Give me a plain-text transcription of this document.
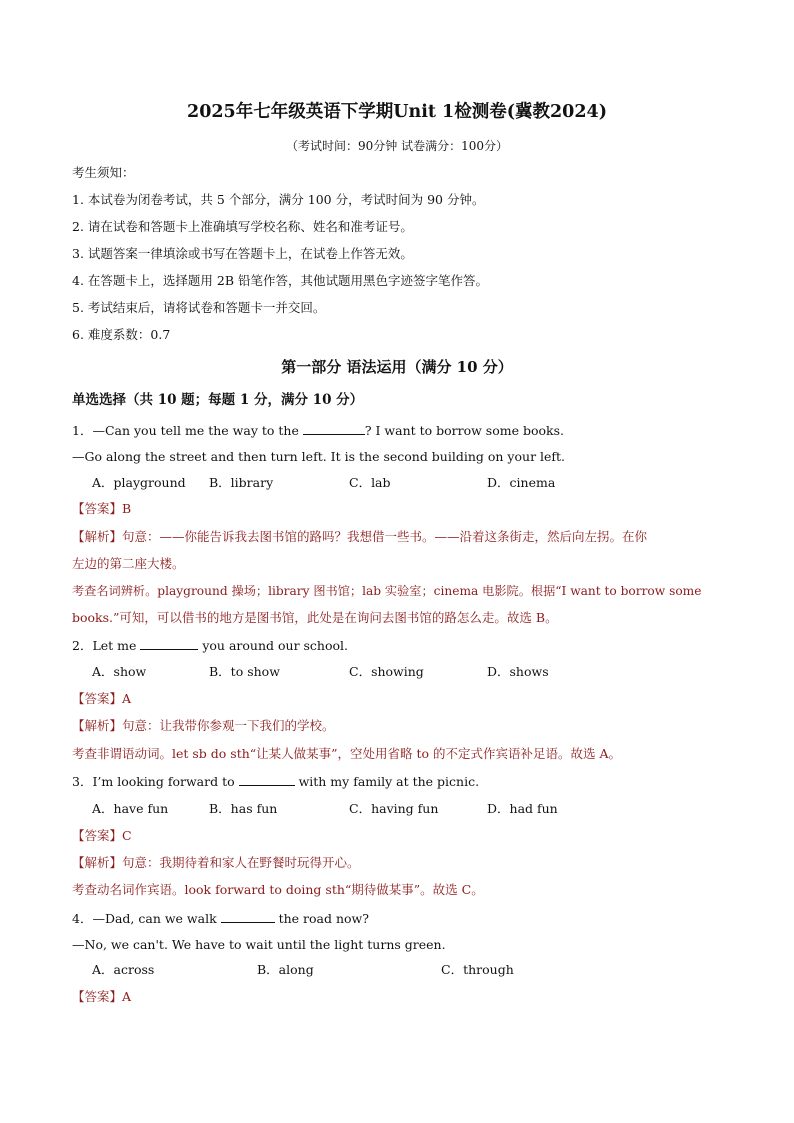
2025年七年级英语下学期Unit 1检测卷(冀教2024)
（考试时间：90分钟 试卷满分：100分）
考生须知：
1. 本试卷为闭卷考试，共 5 个部分，满分 100 分，考试时间为 90 分钟。
2. 请在试卷和答题卡上准确填写学校名称、姓名和准考证号。
3. 试题答案一律填涂或书写在答题卡上，在试卷上作答无效。
4. 在答题卡上，选择题用 2B 铅笔作答，其他试题用黑色字迹签字笔作答。
5. 考试结束后，请将试卷和答题卡一并交回。
6. 难度系数：0.7
第一部分 语法运用（满分 10 分）
单选选择（共 10 题；每题 1 分，满分 10 分）
1．—Can you tell me the way to the	? I want to borrow some books.
—Go along the street and then turn left. It is the second building on your left.
A．playground B．library	C．lab	D．cinema
【答案】B
【解析】句意：——你能告诉我去图书馆的路吗？我想借一些书。——沿着这条街走，然后向左拐。在你
左边的第二座大楼。
考查名词辨析。playground 操场；library 图书馆；lab 实验室；cinema 电影院。根据“I want to borrow some
books.”可知，可以借书的地方是图书馆，此处是在询问去图书馆的路怎么走。故选 B。
2．Let me	you around our school.
A．show	B．to show	C．showing	D．shows
【答案】A
【解析】句意：让我带你参观一下我们的学校。
考查非谓语动词。let sb do sth“让某人做某事”，空处用省略 to 的不定式作宾语补足语。故选 A。
3．I’m looking forward to	with my family at the picnic.
A．have fun	B．has fun	C．having fun	D．had fun
【答案】C
【解析】句意：我期待着和家人在野餐时玩得开心。
考查动名词作宾语。look forward to doing sth“期待做某事”。故选 C。
4．—Dad, can we walk	the road now?
—No, we can't. We have to wait until the light turns green.
A．across	B．along	C．through
【答案】A
